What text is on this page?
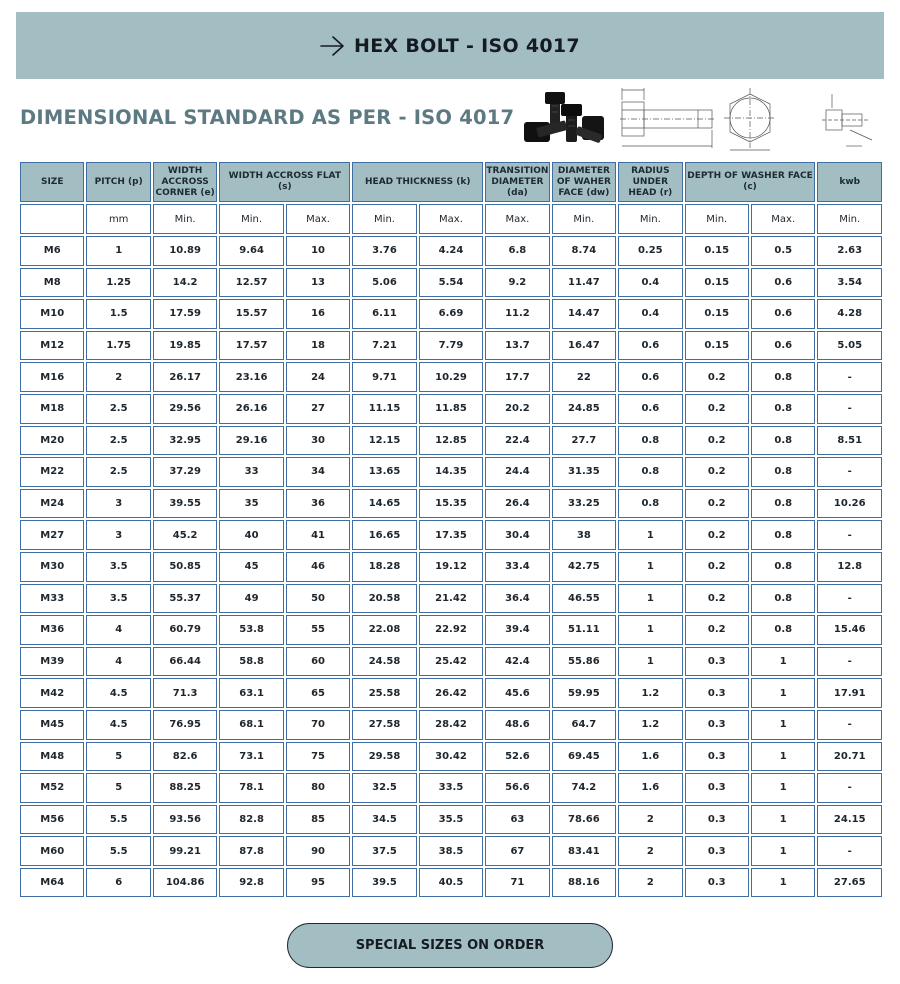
HEX BOLT - ISO 4017
DIMENSIONAL STANDARD AS PER - ISO 4017
SIZE	PITCH (p)	WIDTH ACCROSS CORNER (e)	WIDTH ACCROSS FLAT (s)		HEAD THICKNESS (k)		TRANSITION DIAMETER (da)	DIAMETER OF WAHER FACE (dw)	RADIUS UNDER HEAD (r)	DEPTH OF WASHER FACE (c)		kwb
	mm	Min.	Min.	Max.	Min.	Max.	Max.	Min.	Min.	Min.	Max.	Min.
M6	1	10.89	9.64	10	3.76	4.24	6.8	8.74	0.25	0.15	0.5	2.63
M8	1.25	14.2	12.57	13	5.06	5.54	9.2	11.47	0.4	0.15	0.6	3.54
M10	1.5	17.59	15.57	16	6.11	6.69	11.2	14.47	0.4	0.15	0.6	4.28
M12	1.75	19.85	17.57	18	7.21	7.79	13.7	16.47	0.6	0.15	0.6	5.05
M16	2	26.17	23.16	24	9.71	10.29	17.7	22	0.6	0.2	0.8	-
M18	2.5	29.56	26.16	27	11.15	11.85	20.2	24.85	0.6	0.2	0.8	-
M20	2.5	32.95	29.16	30	12.15	12.85	22.4	27.7	0.8	0.2	0.8	8.51
M22	2.5	37.29	33	34	13.65	14.35	24.4	31.35	0.8	0.2	0.8	-
M24	3	39.55	35	36	14.65	15.35	26.4	33.25	0.8	0.2	0.8	10.26
M27	3	45.2	40	41	16.65	17.35	30.4	38	1	0.2	0.8	-
M30	3.5	50.85	45	46	18.28	19.12	33.4	42.75	1	0.2	0.8	12.8
M33	3.5	55.37	49	50	20.58	21.42	36.4	46.55	1	0.2	0.8	-
M36	4	60.79	53.8	55	22.08	22.92	39.4	51.11	1	0.2	0.8	15.46
M39	4	66.44	58.8	60	24.58	25.42	42.4	55.86	1	0.3	1	-
M42	4.5	71.3	63.1	65	25.58	26.42	45.6	59.95	1.2	0.3	1	17.91
M45	4.5	76.95	68.1	70	27.58	28.42	48.6	64.7	1.2	0.3	1	-
M48	5	82.6	73.1	75	29.58	30.42	52.6	69.45	1.6	0.3	1	20.71
M52	5	88.25	78.1	80	32.5	33.5	56.6	74.2	1.6	0.3	1	-
M56	5.5	93.56	82.8	85	34.5	35.5	63	78.66	2	0.3	1	24.15
M60	5.5	99.21	87.8	90	37.5	38.5	67	83.41	2	0.3	1	-
M64	6	104.86	92.8	95	39.5	40.5	71	88.16	2	0.3	1	27.65
SPECIAL SIZES ON ORDER
